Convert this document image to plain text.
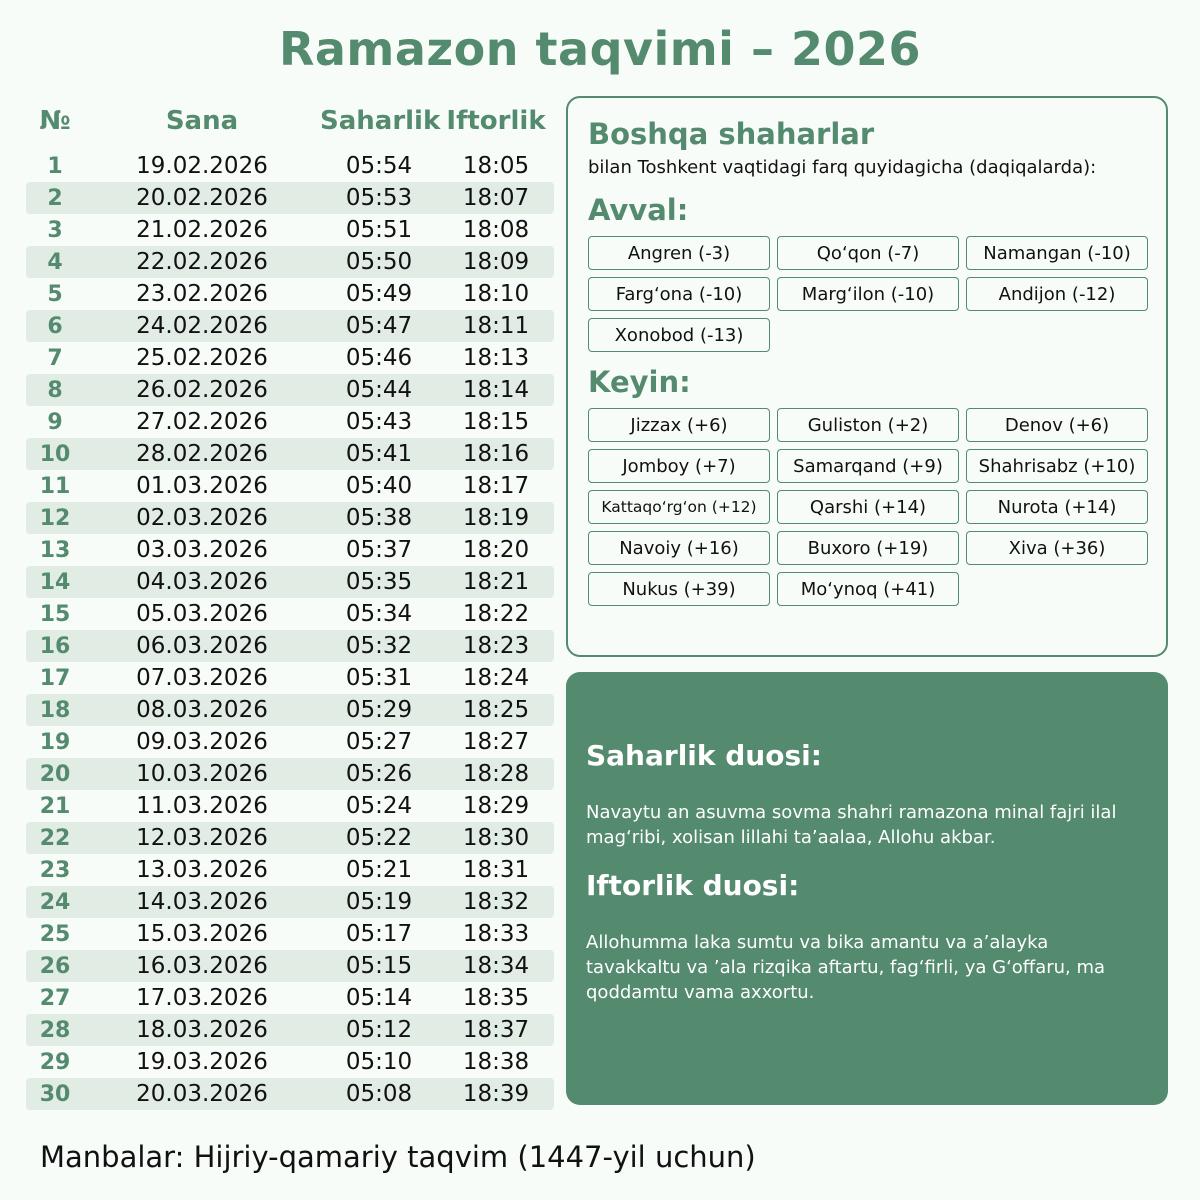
Ramazon taqvimi – 2026
№	Sana	Saharlik Iftorlik
1	19.02.2026	05:54	18:05
2	20.02.2026	05:53	18:07
3	21.02.2026	05:51	18:08
4	22.02.2026	05:50	18:09
5	23.02.2026	05:49	18:10
6	24.02.2026	05:47	18:11
7	25.02.2026	05:46	18:13
8	26.02.2026	05:44	18:14
9	27.02.2026	05:43	18:15
10	28.02.2026	05:41	18:16
11	01.03.2026	05:40	18:17
12	02.03.2026	05:38	18:19
13	03.03.2026	05:37	18:20
14	04.03.2026	05:35	18:21
15	05.03.2026	05:34	18:22
16	06.03.2026	05:32	18:23
17	07.03.2026	05:31	18:24
18	08.03.2026	05:29	18:25
19	09.03.2026	05:27	18:27
20	10.03.2026	05:26	18:28
21	11.03.2026	05:24	18:29
22	12.03.2026	05:22	18:30
23	13.03.2026	05:21	18:31
24	14.03.2026	05:19	18:32
25	15.03.2026	05:17	18:33
26	16.03.2026	05:15	18:34
27	17.03.2026	05:14	18:35
28	18.03.2026	05:12	18:37
29	19.03.2026	05:10	18:38
30	20.03.2026	05:08	18:39
Boshqa shaharlar
bilan Toshkent vaqtidagi farq quyidagicha (daqiqalarda):
Avval:
Angren (-3)	Qo‘qon (-7)	Namangan (-10)
Farg‘ona (-10)	Marg‘ilon (-10)	Andijon (-12)
Xonobod (-13)
Keyin:
Jizzax (+6)	Guliston (+2)	Denov (+6)
Jomboy (+7)	Samarqand (+9)	Shahrisabz (+10)
Kattaqo‘rg‘on (+12)	Qarshi (+14)	Nurota (+14)
Navoiy (+16)	Buxoro (+19)	Xiva (+36)
Nukus (+39)	Mo‘ynoq (+41)
Saharlik duosi:

Navaytu an asuvma sovma shahri ramazona minal fajri ilal mag‘ribi, xolisan lillahi ta’aalaa, Allohu akbar.

Iftorlik duosi:

Allohumma laka sumtu va bika amantu va a’alayka tavakkaltu va ’ala rizqika aftartu, fag‘firli, ya G‘offaru, ma qoddamtu vama axxortu.

Manbalar: Hijriy-qamariy taqvim (1447-yil uchun)
